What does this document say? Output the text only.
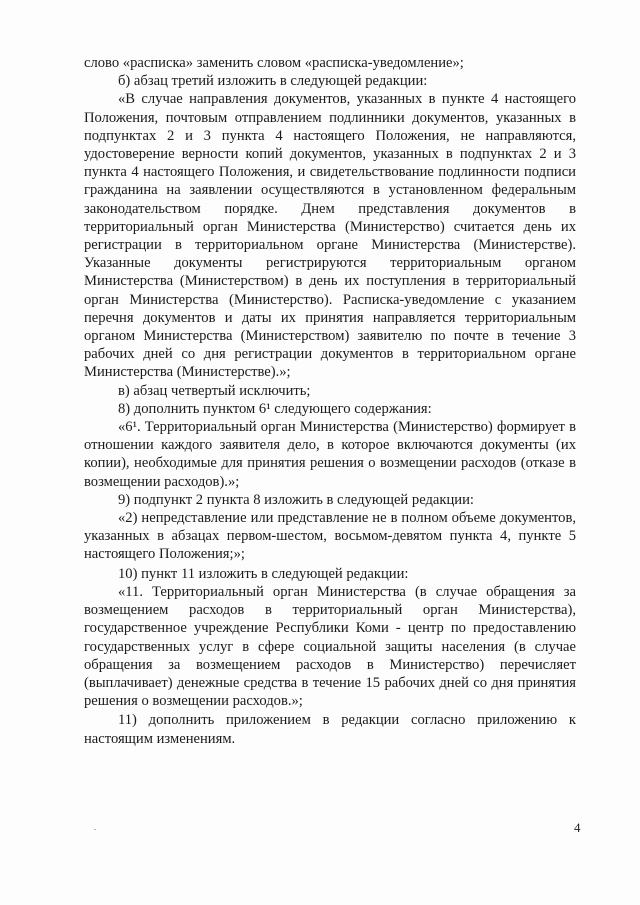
слово «расписка» заменить словом «расписка-уведомление»;

б) абзац третий изложить в следующей редакции:

«В случае направления документов, указанных в пункте 4 настоящего Положения, почтовым отправлением подлинники документов, указанных в подпунктах 2 и 3 пункта 4 настоящего Положения, не направляются, удостоверение верности копий документов, указанных в подпунктах 2 и 3 пункта 4 настоящего Положения, и свидетельствование подлинности подписи гражданина на заявлении осуществляются в установленном федеральным законодательством порядке. Днем представления документов в территориальный орган Министерства (Министерство) считается день их регистрации в территориальном органе Министерства (Министерстве). Указанные документы регистрируются территориальным органом Министерства (Министерством) в день их поступления в территориальный орган Министерства (Министерство). Расписка-уведомление с указанием перечня документов и даты их принятия направляется территориальным органом Министерства (Министерством) заявителю по почте в течение 3 рабочих дней со дня регистрации документов в территориальном органе Министерства (Министерстве).»;

в) абзац четвертый исключить;

8) дополнить пунктом 6¹ следующего содержания:

«6¹. Территориальный орган Министерства (Министерство) формирует в отношении каждого заявителя дело, в которое включаются документы (их копии), необходимые для принятия решения о возмещении расходов (отказе в возмещении расходов).»;

9) подпункт 2 пункта 8 изложить в следующей редакции:

«2) непредставление или представление не в полном объеме документов, указанных в абзацах первом-шестом, восьмом-девятом пункта 4, пункте 5 настоящего Положения;»;

10) пункт 11 изложить в следующей редакции:

«11. Территориальный орган Министерства (в случае обращения за возмещением расходов в территориальный орган Министерства), государственное учреждение Республики Коми - центр по предоставлению государственных услуг в сфере социальной защиты населения (в случае обращения за возмещением расходов в Министерство) перечисляет (выплачивает) денежные средства в течение 15 рабочих дней со дня принятия решения о возмещении расходов.»;

11) дополнить приложением в редакции согласно приложению к настоящим изменениям.

4
